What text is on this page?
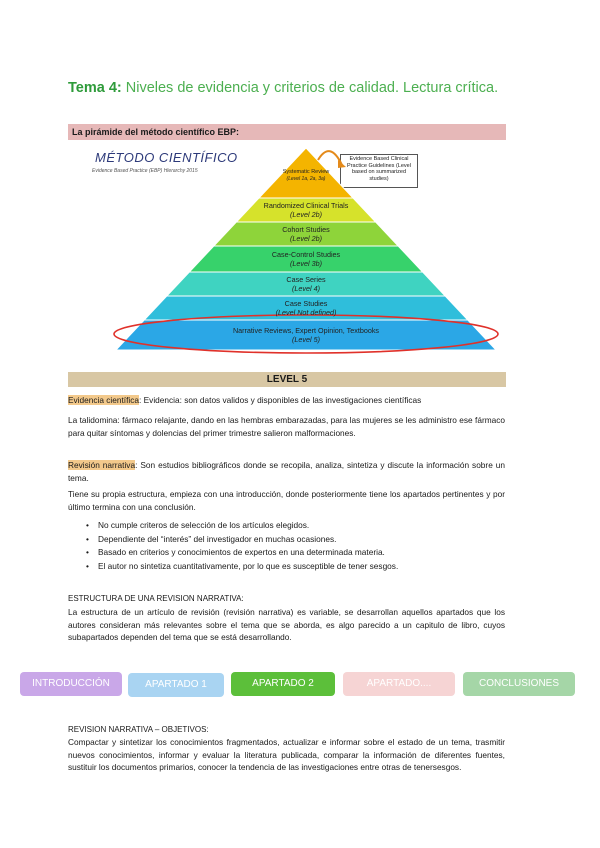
Tema 4: Niveles de evidencia y criterios de calidad. Lectura crítica.
La pirámide del método científico EBP:
MÉTODO CIENTÍFICO
Evidence Based Practice (EBP) Hierarchy 2015
Evidence Based Clinical Practice Guidelines (Level based on summarized studies)
Systematic Review
(Level 1a, 2a, 3a)
Randomized Clinical Trials
(Level 2b)
Cohort Studies
(Level 2b)
Case-Control Studies
(Level 3b)
Case Series
(Level 4)
Case Studies
(Level Not defined)
Narrative Reviews, Expert Opinion, Textbooks
(Level 5)
LEVEL 5
Evidencia científica: Evidencia: son datos validos y disponibles de las investigaciones científicas
La talidomina: fármaco relajante, dando en las hembras embarazadas, para las mujeres se les administro ese fármaco para quitar síntomas y dolencias del primer trimestre salieron malformaciones.
Revisión narrativa: Son estudios bibliográficos donde se recopila, analiza, sintetiza y discute la información sobre un tema.
Tiene su propia estructura, empieza con una introducción, donde posteriormente tiene los apartados pertinentes y por último termina con una conclusión.
• No cumple criteros de selección de los artículos elegidos.
• Dependiente del “interés” del investigador en muchas ocasiones.
• Basado en criterios y conocimientos de expertos en una determinada materia.
• El autor no sintetiza cuantitativamente, por lo que es susceptible de tener sesgos.
ESTRUCTURA DE UNA REVISION NARRATIVA:
La estructura de un artículo de revisión (revisión narrativa) es variable, se desarrollan aquellos apartados que los autores consideran más relevantes sobre el tema que se aborda, es algo parecido a un capitulo de libro, cuyos subapartados dependen del tema que se está desarrollando.
INTRODUCCIÓN	APARTADO 1	APARTADO 2	APARTADO....	CONCLUSIONES
REVISION NARRATIVA – OBJETIVOS:
Compactar y sintetizar los conocimientos fragmentados, actualizar e informar sobre el estado de un tema, trasmitir nuevos conocimientos, informar y evaluar la literatura publicada, comparar la información de diferentes fuentes, sustituir los documentos primarios, conocer la tendencia de las investigaciones entre otras de tenersesgos.
